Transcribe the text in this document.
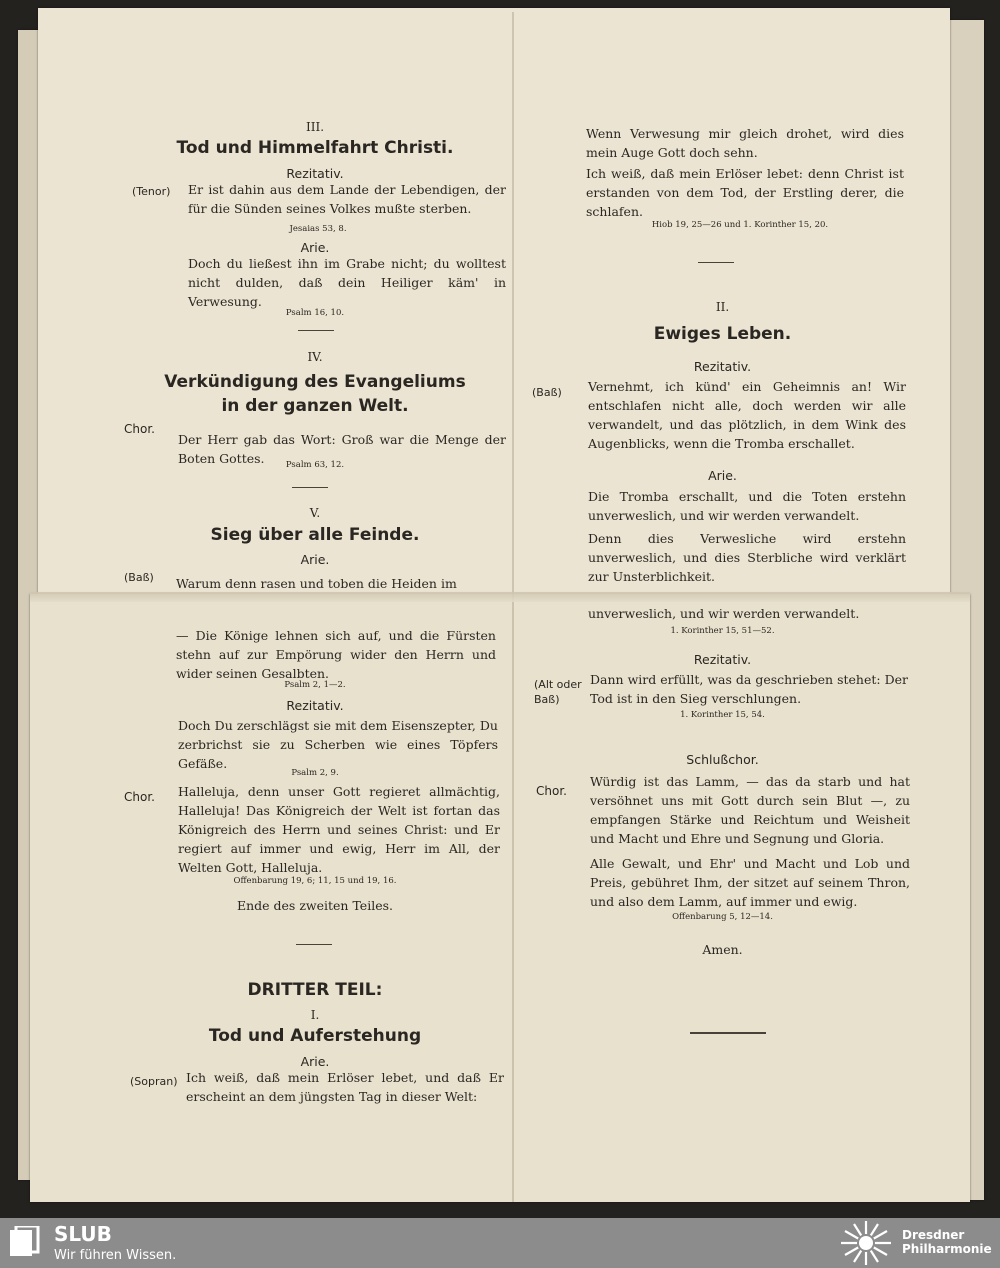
III.
Tod und Himmelfahrt Christi.
Rezitativ.
(Tenor) Er ist dahin aus dem Lande der Lebendigen, der für die Sünden seines Volkes mußte sterben.
Jesaias 53, 8.
Arie.
Doch du ließest ihn im Grabe nicht; du wolltest nicht dulden, daß dein Heiliger käm' in Verwesung.
Psalm 16, 10.
IV.
Verkündigung des Evangeliums
in der ganzen Welt.
Chor.
Der Herr gab das Wort: Groß war die Menge der Boten Gottes.	Psalm 63, 12.
V.
Sieg über alle Feinde.
Arie.
(Baß) Warum denn rasen und toben die Heiden im
— Die Könige lehnen sich auf, und die Fürsten stehn auf zur Empörung wider den Herrn und wider seinen Gesalbten.
Psalm 2, 1—2.
Rezitativ.
Doch Du zerschlägst sie mit dem Eisenszepter, Du zerbrichst sie zu Scherben wie eines Töpfers Gefäße.
Psalm 2, 9.
Chor. Halleluja, denn unser Gott regieret allmächtig, Halleluja! Das Königreich der Welt ist fortan das Königreich des Herrn und seines Christ: und Er regiert auf immer und ewig, Herr im All, der Welten Gott, Halleluja.
Offenbarung 19, 6; 11, 15 und 19, 16.
Ende des zweiten Teiles.
DRITTER TEIL:
I.
Tod und Auferstehung
Arie.
(Sopran) Ich weiß, daß mein Erlöser lebet, und daß Er erscheint an dem jüngsten Tag in dieser Welt:
Wenn Verwesung mir gleich drohet, wird dies mein Auge Gott doch sehn.
Ich weiß, daß mein Erlöser lebet: denn Christ ist erstanden von dem Tod, der Erstling derer, die schlafen.
Hiob 19, 25—26 und 1. Korinther 15, 20.
II.
Ewiges Leben.
Rezitativ.
(Baß) Vernehmt, ich künd' ein Geheimnis an! Wir entschlafen nicht alle, doch werden wir alle verwandelt, und das plötzlich, in dem Wink des Augenblicks, wenn die Tromba erschallet.
Arie.
Die Tromba erschallt, und die Toten erstehn unverweslich, und wir werden verwandelt.
Denn dies Verwesliche wird erstehn unverweslich, und dies Sterbliche wird verklärt zur Unsterblichkeit.
unverweslich, und wir werden verwandelt.
1. Korinther 15, 51—52.
Rezitativ.
(Alt oder
Baß)
Dann wird erfüllt, was da geschrieben stehet: Der Tod ist in den Sieg verschlungen.
1. Korinther 15, 54.
Schlußchor.
Chor.
Würdig ist das Lamm, — das da starb und hat versöhnet uns mit Gott durch sein Blut —, zu empfangen Stärke und Reichtum und Weisheit und Macht und Ehre und Segnung und Gloria.
Alle Gewalt, und Ehr' und Macht und Lob und Preis, gebühret Ihm, der sitzet auf seinem Thron, und also dem Lamm, auf immer und ewig.
Offenbarung 5, 12—14.
Amen.
SLUB
Wir führen Wissen.
Dresdner
Philharmonie
